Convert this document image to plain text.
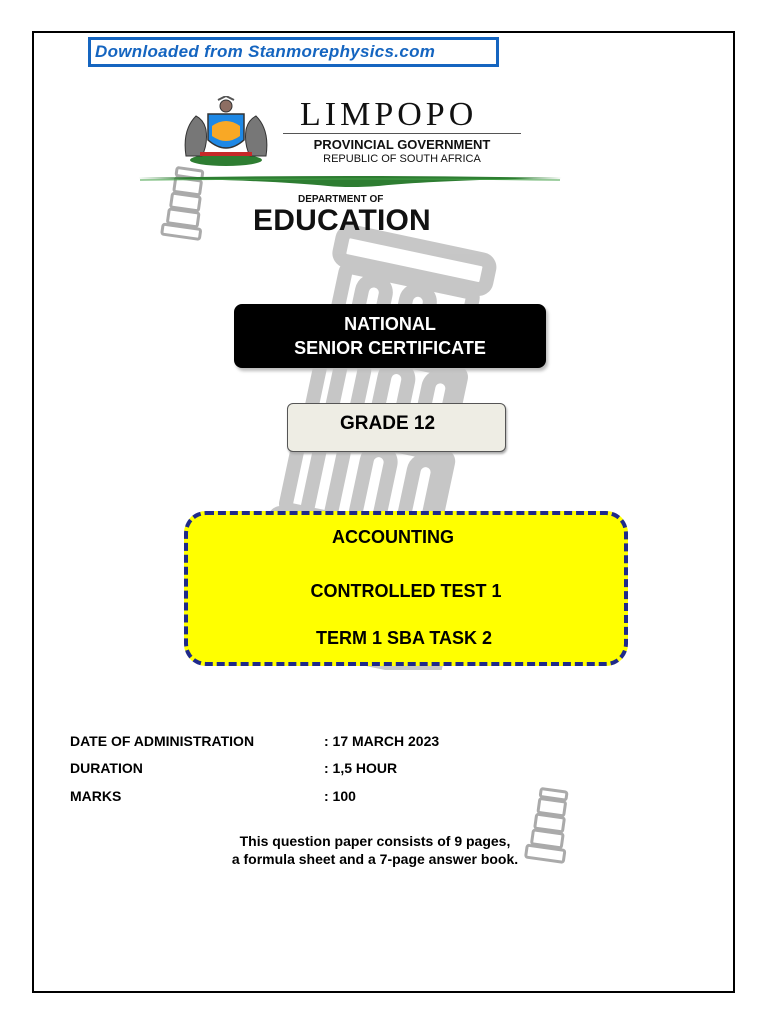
Downloaded from Stanmorephysics.com
LIMPOPO
PROVINCIAL GOVERNMENT
REPUBLIC OF SOUTH AFRICA
DEPARTMENT OF
EDUCATION
NATIONAL
SENIOR CERTIFICATE
GRADE 12
ACCOUNTING
CONTROLLED TEST 1
TERM 1 SBA TASK 2
DATE OF ADMINISTRATION	: 17 MARCH 2023
DURATION	: 1,5 HOUR
MARKS	: 100
This question paper consists of 9 pages,
a formula sheet and a 7-page answer book.
